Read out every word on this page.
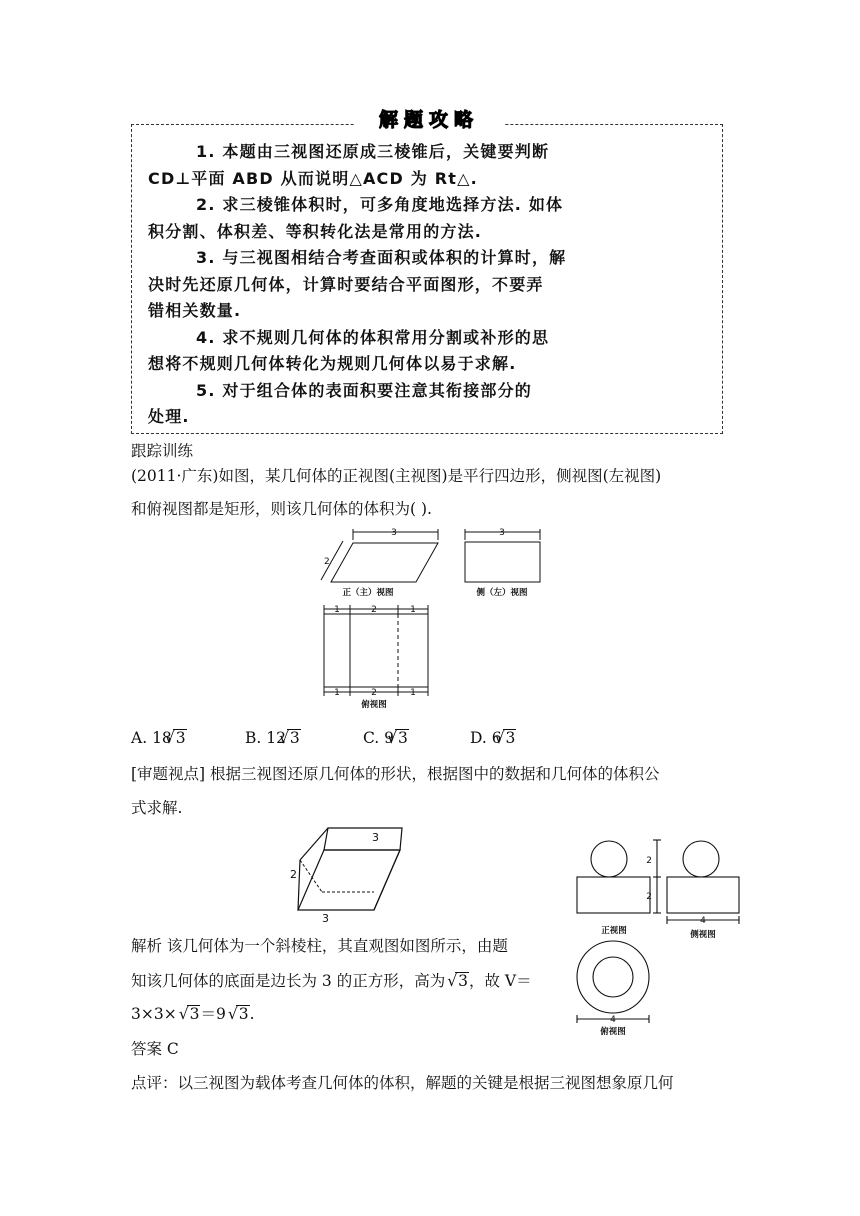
解题攻略
1. 本题由三视图还原成三棱锥后，关键要判断
CD⊥平面 ABD 从而说明△ACD 为 Rt△.
2. 求三棱锥体积时，可多角度地选择方法. 如体
积分割、体积差、等积转化法是常用的方法.
3. 与三视图相结合考查面积或体积的计算时，解
决时先还原几何体，计算时要结合平面图形，不要弄
错相关数量.
4. 求不规则几何体的体积常用分割或补形的思
想将不规则几何体转化为规则几何体以易于求解.
5. 对于组合体的表面积要注意其衔接部分的
处理.
跟踪训练
(2011·广东)如图，某几何体的正视图(主视图)是平行四边形，侧视图(左视图)
和俯视图都是矩形，则该几何体的体积为( ).
3	3
2
1	2	1
1	2	1
正（主）视图	侧（左）视图
俯视图
A. 18 √ 3	B. 12 √ 3	C. 9 √ 3	D. 6 √ 3
[审题视点] 根据三视图还原几何体的形状，根据图中的数据和几何体的体积公
式求解.
3
2
3
2
2
4
4
正视图	侧视图
俯视图
解析 该几何体为一个斜棱柱，其直观图如图所示，由题
知该几何体的底面是边长为 3 的正方形，高为 √ 3，故 V＝
3×3× √ 3＝9 √ 3.
答案 C
点评：以三视图为载体考查几何体的体积，解题的关键是根据三视图想象原几何
